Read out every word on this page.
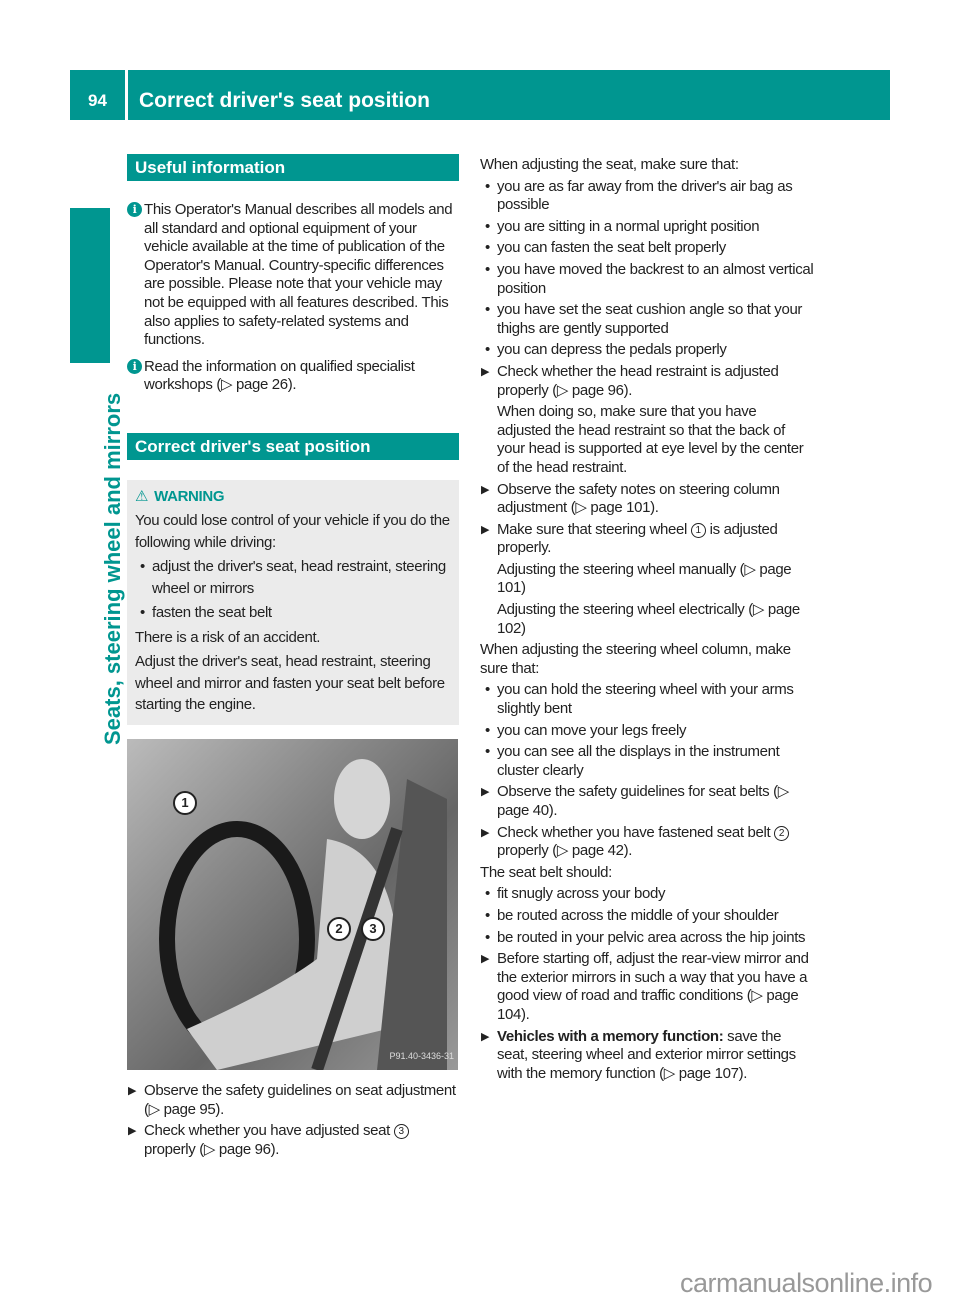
94	Correct driver's seat position
Seats, steering wheel and mirrors
Useful information
i This Operator's Manual describes all models and all standard and optional equipment of your vehicle available at the time of publication of the Operator's Manual. Country-specific differences are possible. Please note that your vehicle may not be equipped with all features described. This also applies to safety-related systems and functions.
i Read the information on qualified specialist workshops (▷ page 26).
Correct driver's seat position
⚠ WARNING

You could lose control of your vehicle if you do the following while driving:

• adjust the driver's seat, head restraint, steering wheel or mirrors
• fasten the seat belt

There is a risk of an accident.

Adjust the driver's seat, head restraint, steering wheel and mirror and fasten your seat belt before starting the engine.

1
2	3
P91.40-3436-31
▶ Observe the safety guidelines on seat adjustment (▷ page 95).
▶ Check whether you have adjusted seat 3 properly (▷ page 96).
When adjusting the seat, make sure that:
• you are as far away from the driver's air bag as possible
• you are sitting in a normal upright position
• you can fasten the seat belt properly
• you have moved the backrest to an almost vertical position
• you have set the seat cushion angle so that your thighs are gently supported
• you can depress the pedals properly
▶ Check whether the head restraint is adjusted properly (▷ page 96).
When doing so, make sure that you have adjusted the head restraint so that the back of your head is supported at eye level by the center of the head restraint.
▶ Observe the safety notes on steering column adjustment (▷ page 101).
▶ Make sure that steering wheel 1 is adjusted properly.
Adjusting the steering wheel manually (▷ page 101)
Adjusting the steering wheel electrically (▷ page 102)
When adjusting the steering wheel column, make sure that:
• you can hold the steering wheel with your arms slightly bent
• you can move your legs freely
• you can see all the displays in the instrument cluster clearly
▶ Observe the safety guidelines for seat belts (▷ page 40).
▶ Check whether you have fastened seat belt 2 properly (▷ page 42).
The seat belt should:
• fit snugly across your body
• be routed across the middle of your shoulder
• be routed in your pelvic area across the hip joints
▶ Before starting off, adjust the rear-view mirror and the exterior mirrors in such a way that you have a good view of road and traffic conditions (▷ page 104).
▶ Vehicles with a memory function: save the seat, steering wheel and exterior mirror settings with the memory function (▷ page 107).
carmanualsonline.info
